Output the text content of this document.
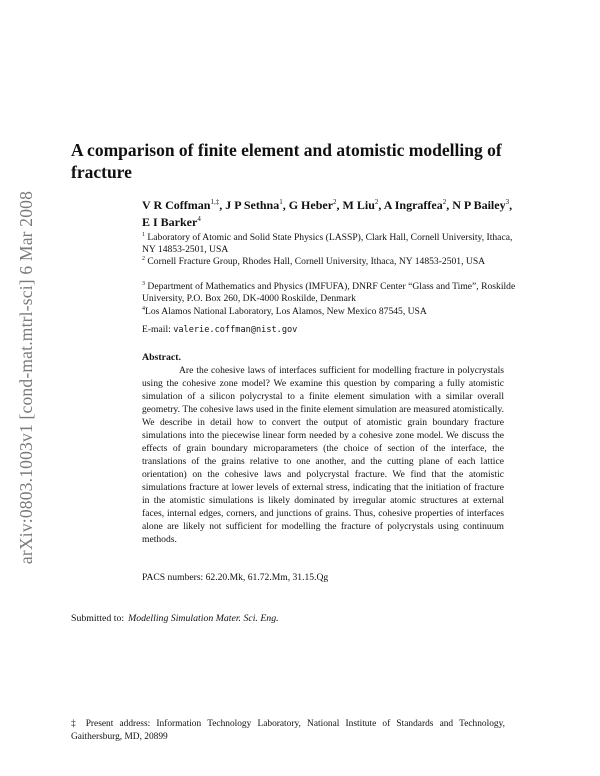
arXiv:0803.1003v1 [cond-mat.mtrl-sci] 6 Mar 2008
A comparison of finite element and atomistic modelling of fracture
V R Coffman$^{1,\ddagger}$, J P Sethna$^1$, G Heber$^2$, M Liu$^2$, A Ingraffea$^2$, N P Bailey$^3$, E I Barker$^4$
$^1$ Laboratory of Atomic and Solid State Physics (LASSP), Clark Hall, Cornell University, Ithaca, NY 14853-2501, USA
$^2$ Cornell Fracture Group, Rhodes Hall, Cornell University, Ithaca, NY 14853-2501, USA
$^3$ Department of Mathematics and Physics (IMFUFA), DNRF Center “Glass and Time”, Roskilde University, P.O. Box 260, DK-4000 Roskilde, Denmark
$^4$Los Alamos National Laboratory, Los Alamos, New Mexico 87545, USA
E-mail: valerie.coffman@nist.gov
Abstract.

Are the cohesive laws of interfaces sufficient for modelling fracture in polycrystals using the cohesive zone model? We examine this question by comparing a fully atomistic simulation of a silicon polycrystal to a finite element simulation with a similar overall geometry. The cohesive laws used in the finite element simulation are measured atomistically. We describe in detail how to convert the output of atomistic grain boundary fracture simulations into the piecewise linear form needed by a cohesive zone model. We discuss the effects of grain boundary microparameters (the choice of section of the interface, the translations of the grains relative to one another, and the cutting plane of each lattice orientation) on the cohesive laws and polycrystal fracture. We find that the atomistic simulations fracture at lower levels of external stress, indicating that the initiation of fracture in the atomistic simulations is likely dominated by irregular atomic structures at external faces, internal edges, corners, and junctions of grains. Thus, cohesive properties of interfaces alone are likely not sufficient for modelling the fracture of polycrystals using continuum methods.

PACS numbers: 62.20.Mk, 61.72.Mm, 31.15.Qg
Submitted to: Modelling Simulation Mater. Sci. Eng.
‡ Present address: Information Technology Laboratory, National Institute of Standards and Technology, Gaithersburg, MD, 20899
